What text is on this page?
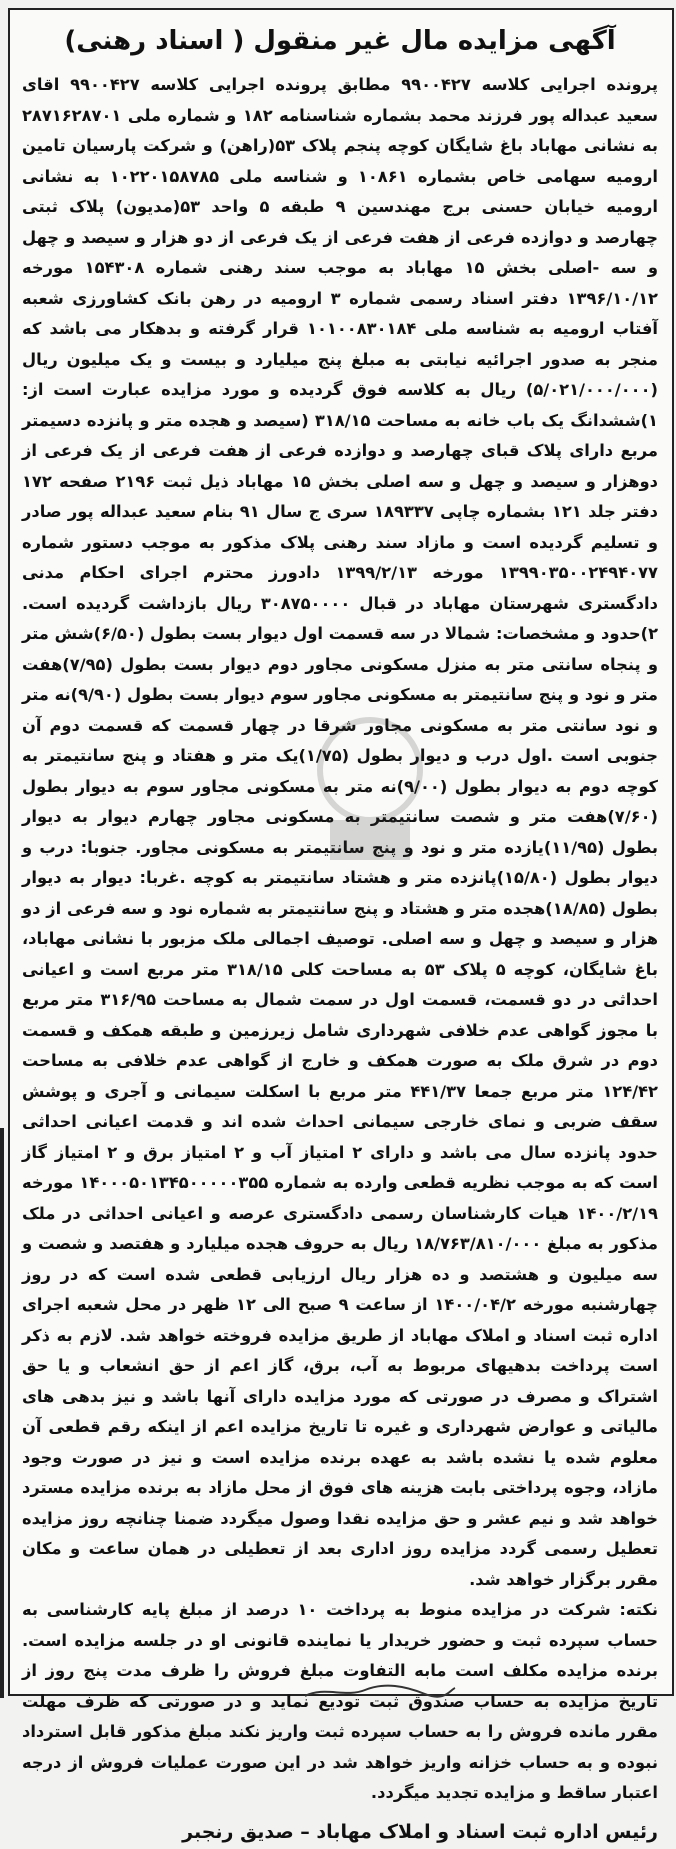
آگهی مزایده مال غیر منقول ( اسناد رهنی)

پرونده اجرایی کلاسه ۹۹۰۰۴۲۷ مطابق پرونده اجرایی کلاسه ۹۹۰۰۴۲۷ اقای سعید عبداله پور فرزند محمد بشماره شناسنامه ۱۸۲ و شماره ملی ۲۸۷۱۶۲۸۷۰۱ به نشانی مهاباد باغ شایگان کوچه پنجم پلاک ۵۳(راهن) و شرکت پارسیان تامین ارومیه سهامی خاص بشماره ۱۰۸۶۱ و شناسه ملی ۱۰۲۲۰۱۵۸۷۸۵ به نشانی ارومیه خیابان حسنی برج مهندسین ۹ طبقه ۵ واحد ۵۳(مدیون) پلاک ثبتی چهارصد و دوازده فرعی از هفت فرعی از یک فرعی از دو هزار و سیصد و چهل و سه -اصلی بخش ۱۵ مهاباد به موجب سند رهنی شماره ۱۵۴۳۰۸ مورخه ۱۳۹۶/۱۰/۱۲ دفتر اسناد رسمی شماره ۳ ارومیه در رهن بانک کشاورزی شعبه آفتاب ارومیه به شناسه ملی ۱۰۱۰۰۸۳۰۱۸۴ قرار گرفته و بدهکار می باشد که منجر به صدور اجرائیه نیابتی به مبلغ پنج میلیارد و بیست و یک میلیون ریال (۵/۰۲۱/۰۰۰/۰۰۰) ریال به کلاسه فوق گردیده و مورد مزایده عبارت است از: ۱)ششدانگ یک باب خانه به مساحت ۳۱۸/۱۵ (سیصد و هجده متر و پانزده دسیمتر مربع دارای پلاک قبای چهارصد و دوازده فرعی از هفت فرعی از یک فرعی از دوهزار و سیصد و چهل و سه اصلی بخش ۱۵ مهاباد ذیل ثبت ۲۱۹۶ صفحه ۱۷۲ دفتر جلد ۱۲۱ بشماره چاپی ۱۸۹۳۳۷ سری ج سال ۹۱ بنام سعید عبداله پور صادر و تسلیم گردیده است و مازاد سند رهنی پلاک مذکور به موجب دستور شماره ۱۳۹۹۰۳۵۰۰۲۴۹۴۰۷۷ مورخه ۱۳۹۹/۲/۱۳ دادورز محترم اجرای احکام مدنی دادگستری شهرستان مهاباد در قبال ۳۰۸۷۵۰۰۰۰ ریال بازداشت گردیده است. ۲)حدود و مشخصات: شمالا در سه قسمت اول دیوار بست بطول (۶/۵۰)شش متر و پنجاه سانتی متر به منزل مسکونی مجاور دوم دیوار بست بطول (۷/۹۵)هفت متر و نود و پنج سانتیمتر به مسکونی مجاور سوم دیوار بست بطول (۹/۹۰)نه متر و نود سانتی متر به مسکونی مجاور شرقا در چهار قسمت که قسمت دوم آن جنوبی است .اول درب و دیوار بطول (۱/۷۵)یک متر و هفتاد و پنج سانتیمتر به کوچه دوم به دیوار بطول (۹/۰۰)نه متر به مسکونی مجاور سوم به دیوار بطول (۷/۶۰)هفت متر و شصت سانتیمتر به مسکونی مجاور چهارم دیوار به دیوار بطول (۱۱/۹۵)یازده متر و نود و پنج سانتیمتر به مسکونی مجاور. جنوبا: درب و دیوار بطول (۱۵/۸۰)پانزده متر و هشتاد سانتیمتر به کوچه .غربا: دیوار به دیوار بطول (۱۸/۸۵)هجده متر و هشتاد و پنج سانتیمتر به شماره نود و سه فرعی از دو هزار و سیصد و چهل و سه اصلی. توصیف اجمالی ملک مزبور با نشانی مهاباد، باغ شایگان، کوچه ۵ پلاک ۵۳ به مساحت کلی ۳۱۸/۱۵ متر مربع است و اعیانی احداثی در دو قسمت، قسمت اول در سمت شمال به مساحت ۳۱۶/۹۵ متر مربع با مجوز گواهی عدم خلافی شهرداری شامل زیرزمین و طبقه همکف و قسمت دوم در شرق ملک به صورت همکف و خارج از گواهی عدم خلافی به مساحت ۱۲۴/۴۲ متر مربع جمعا ۴۴۱/۳۷ متر مربع با اسکلت سیمانی و آجری و پوشش سقف ضربی و نمای خارجی سیمانی احداث شده اند و قدمت اعیانی احداثی حدود پانزده سال می باشد و دارای ۲ امتیاز آب و ۲ امتیاز برق و ۲ امتیاز گاز است که به موجب نظریه قطعی وارده به شماره ۱۴۰۰۰۵۰۱۳۴۵۰۰۰۰۰۳۵۵ مورخه ۱۴۰۰/۲/۱۹ هیات کارشناسان رسمی دادگستری عرصه و اعیانی احداثی در ملک مذکور به مبلغ ۱۸/۷۶۳/۸۱۰/۰۰۰ ریال به حروف هجده میلیارد و هفتصد و شصت و سه میلیون و هشتصد و ده هزار ریال ارزیابی قطعی شده است که در روز چهارشنبه مورخه ۱۴۰۰/۰۴/۲ از ساعت ۹ صبح الی ۱۲ ظهر در محل شعبه اجرای اداره ثبت اسناد و املاک مهاباد از طریق مزایده فروخته خواهد شد. لازم به ذکر است پرداخت بدهیهای مربوط به آب، برق، گاز اعم از حق انشعاب و یا حق اشتراک و مصرف در صورتی که مورد مزایده دارای آنها باشد و نیز بدهی های مالیاتی و عوارض شهرداری و غیره تا تاریخ مزایده اعم از اینکه رقم قطعی آن معلوم شده یا نشده باشد به عهده برنده مزایده است و نیز در صورت وجود مازاد، وجوه پرداختی بابت هزینه های فوق از محل مازاد به برنده مزایده مسترد خواهد شد و نیم عشر و حق مزایده نقدا وصول میگردد ضمنا چنانچه روز مزایده تعطیل رسمی گردد مزایده روز اداری بعد از تعطیلی در همان ساعت و مکان مقرر برگزار خواهد شد.

نکته: شرکت در مزایده منوط به پرداخت ۱۰ درصد از مبلغ پایه کارشناسی به حساب سپرده ثبت و حضور خریدار یا نماینده قانونی او در جلسه مزایده است. برنده مزایده مکلف است مابه التفاوت مبلغ فروش را ظرف مدت پنج روز از تاریخ مزایده به حساب صندوق ثبت تودیع نماید و در صورتی که ظرف مهلت مقرر مانده فروش را به حساب سپرده ثبت واریز نکند مبلغ مذکور قابل استرداد نبوده و به حساب خزانه واریز خواهد شد در این صورت عملیات فروش از درجه اعتبار ساقط و مزایده تجدید میگردد.

رئیس اداره ثبت اسناد و املاک مهاباد – صدیق رنجبر
